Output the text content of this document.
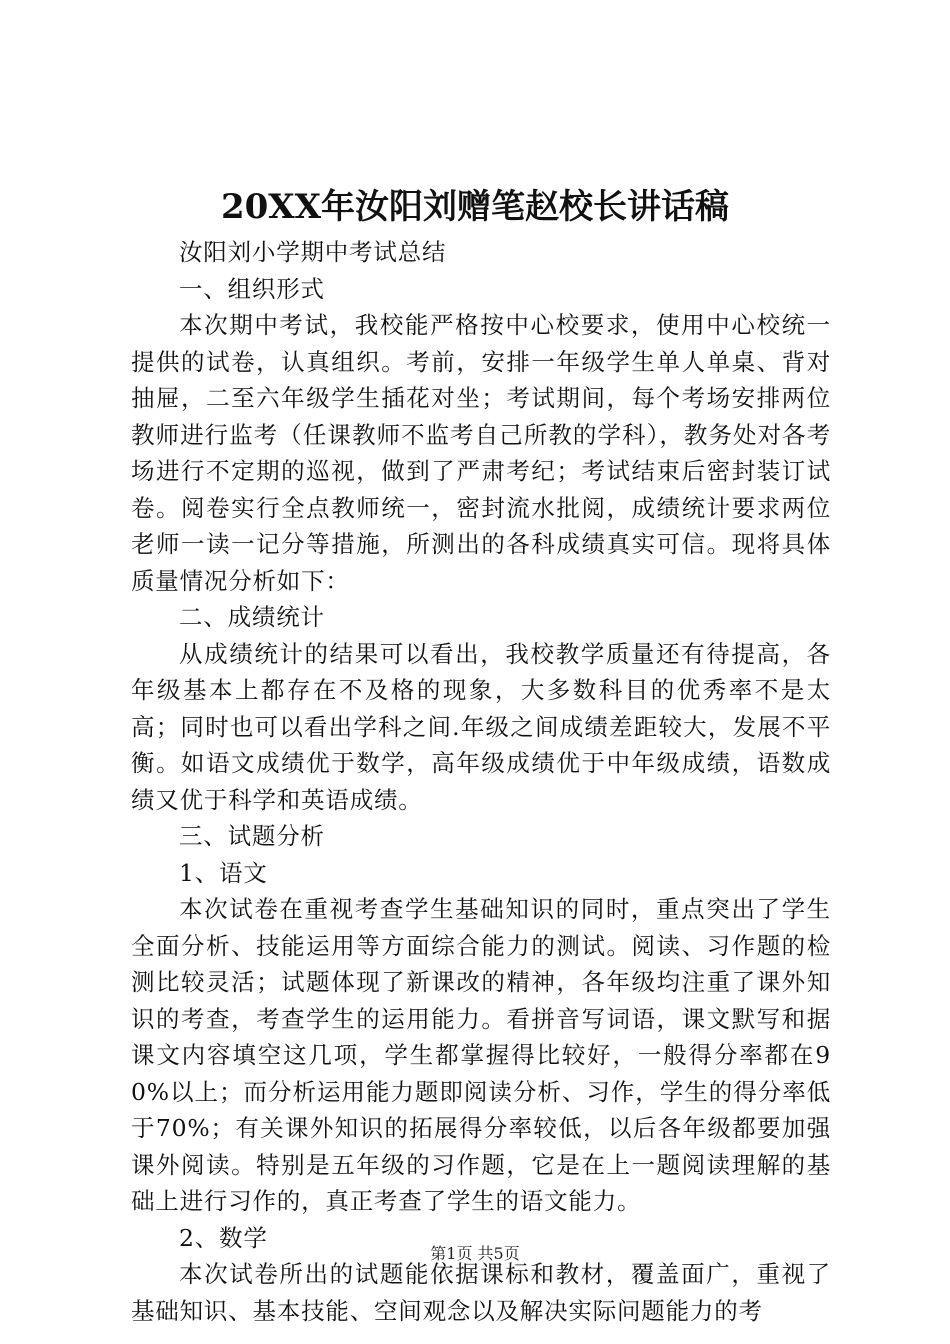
20XX年汝阳刘赠笔赵校长讲话稿

汝阳刘小学期中考试总结

一、组织形式

本次期中考试，我校能严格按中心校要求，使用中心校统一提供的试卷，认真组织。考前，安排一年级学生单人单桌、背对抽屉，二至六年级学生插花对坐；考试期间，每个考场安排两位教师进行监考（任课教师不监考自己所教的学科），教务处对各考场进行不定期的巡视，做到了严肃考纪；考试结束后密封装订试卷。阅卷实行全点教师统一，密封流水批阅，成绩统计要求两位老师一读一记分等措施，所测出的各科成绩真实可信。现将具体质量情况分析如下：

二、成绩统计

从成绩统计的结果可以看出，我校教学质量还有待提高，各年级基本上都存在不及格的现象，大多数科目的优秀率不是太高；同时也可以看出学科之间.年级之间成绩差距较大，发展不平衡。如语文成绩优于数学，高年级成绩优于中年级成绩，语数成绩又优于科学和英语成绩。

三、试题分析

1、语文

本次试卷在重视考查学生基础知识的同时，重点突出了学生全面分析、技能运用等方面综合能力的测试。阅读、习作题的检测比较灵活；试题体现了新课改的精神，各年级均注重了课外知识的考查，考查学生的运用能力。看拼音写词语，课文默写和据课文内容填空这几项，学生都掌握得比较好，一般得分率都在90%以上；而分析运用能力题即阅读分析、习作，学生的得分率低于70%；有关课外知识的拓展得分率较低，以后各年级都要加强课外阅读。特别是五年级的习作题，它是在上一题阅读理解的基础上进行习作的，真正考查了学生的语文能力。

2、数学

本次试卷所出的试题能依据课标和教材，覆盖面广，重视了基础知识、基本技能、空间观念以及解决实际问题能力的考

第1页 共5页
